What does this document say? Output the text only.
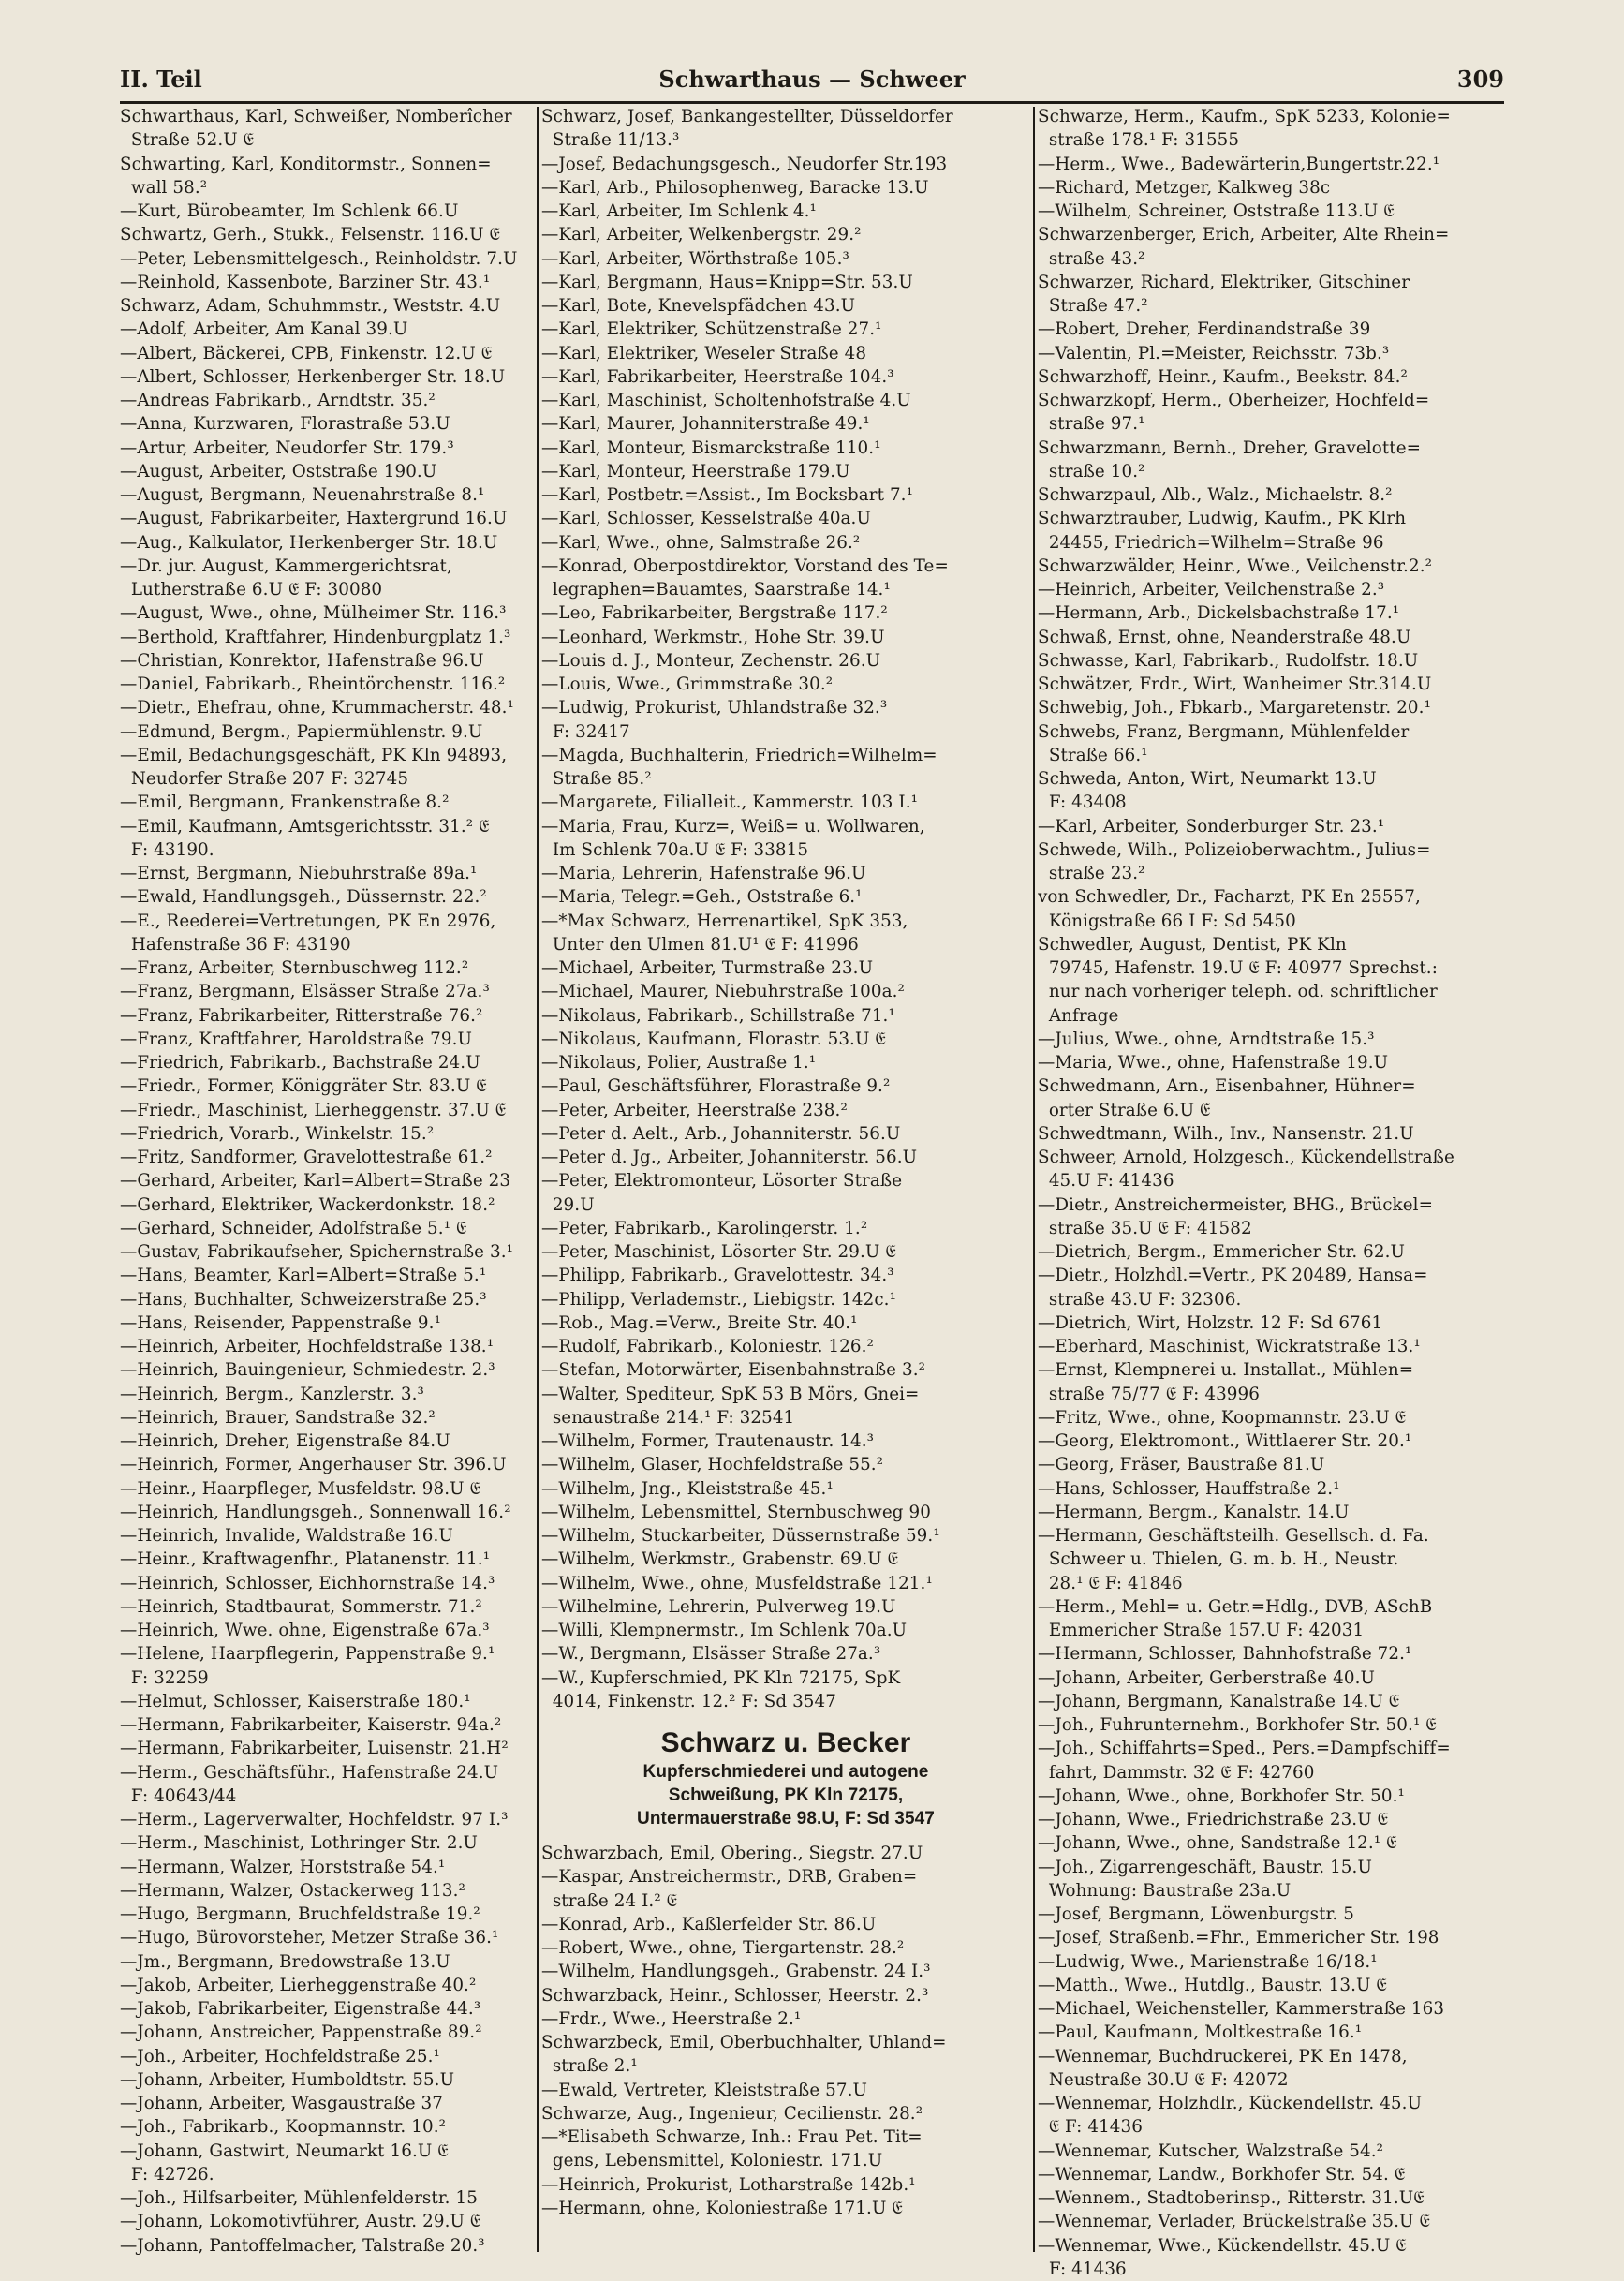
II. Teil	Schwarthaus — Schweer	309
Schwarthaus, Karl, Schweißer, Nomberîcher
Straße 52.U 𝔈
Schwarting, Karl, Konditormstr., Sonnen=
wall 58.²
—Kurt, Bürobeamter, Im Schlenk 66.U
Schwartz, Gerh., Stukk., Felsenstr. 116.U 𝔈
—Peter, Lebensmittelgesch., Reinholdstr. 7.U
—Reinhold, Kassenbote, Barziner Str. 43.¹
Schwarz, Adam, Schuhmmstr., Weststr. 4.U
—Adolf, Arbeiter, Am Kanal 39.U
—Albert, Bäckerei, CPB, Finkenstr. 12.U 𝔈
—Albert, Schlosser, Herkenberger Str. 18.U
—Andreas Fabrikarb., Arndtstr. 35.²
—Anna, Kurzwaren, Florastraße 53.U
—Artur, Arbeiter, Neudorfer Str. 179.³
—August, Arbeiter, Oststraße 190.U
—August, Bergmann, Neuenahrstraße 8.¹
—August, Fabrikarbeiter, Haxtergrund 16.U
—Aug., Kalkulator, Herkenberger Str. 18.U
—Dr. jur. August, Kammergerichtsrat,
Lutherstraße 6.U 𝔈 F: 30080
—August, Wwe., ohne, Mülheimer Str. 116.³
—Berthold, Kraftfahrer, Hindenburgplatz 1.³
—Christian, Konrektor, Hafenstraße 96.U
—Daniel, Fabrikarb., Rheintörchenstr. 116.²
—Dietr., Ehefrau, ohne, Krummacherstr. 48.¹
—Edmund, Bergm., Papiermühlenstr. 9.U
—Emil, Bedachungsgeschäft, PK Kln 94893,
Neudorfer Straße 207 F: 32745
—Emil, Bergmann, Frankenstraße 8.²
—Emil, Kaufmann, Amtsgerichtsstr. 31.² 𝔈
F: 43190.
—Ernst, Bergmann, Niebuhrstraße 89a.¹
—Ewald, Handlungsgeh., Düssernstr. 22.²
—E., Reederei=Vertretungen, PK En 2976,
Hafenstraße 36 F: 43190
—Franz, Arbeiter, Sternbuschweg 112.²
—Franz, Bergmann, Elsässer Straße 27a.³
—Franz, Fabrikarbeiter, Ritterstraße 76.²
—Franz, Kraftfahrer, Haroldstraße 79.U
—Friedrich, Fabrikarb., Bachstraße 24.U
—Friedr., Former, Königgräter Str. 83.U 𝔈
—Friedr., Maschinist, Lierheggenstr. 37.U 𝔈
—Friedrich, Vorarb., Winkelstr. 15.²
—Fritz, Sandformer, Gravelottestraße 61.²
—Gerhard, Arbeiter, Karl=Albert=Straße 23
—Gerhard, Elektriker, Wackerdonkstr. 18.²
—Gerhard, Schneider, Adolfstraße 5.¹ 𝔈
—Gustav, Fabrikaufseher, Spichernstraße 3.¹
—Hans, Beamter, Karl=Albert=Straße 5.¹
—Hans, Buchhalter, Schweizerstraße 25.³
—Hans, Reisender, Pappenstraße 9.¹
—Heinrich, Arbeiter, Hochfeldstraße 138.¹
—Heinrich, Bauingenieur, Schmiedestr. 2.³
—Heinrich, Bergm., Kanzlerstr. 3.³
—Heinrich, Brauer, Sandstraße 32.²
—Heinrich, Dreher, Eigenstraße 84.U
—Heinrich, Former, Angerhauser Str. 396.U
—Heinr., Haarpfleger, Musfeldstr. 98.U 𝔈
—Heinrich, Handlungsgeh., Sonnenwall 16.²
—Heinrich, Invalide, Waldstraße 16.U
—Heinr., Kraftwagenfhr., Platanenstr. 11.¹
—Heinrich, Schlosser, Eichhornstraße 14.³
—Heinrich, Stadtbaurat, Sommerstr. 71.²
—Heinrich, Wwe. ohne, Eigenstraße 67a.³
—Helene, Haarpflegerin, Pappenstraße 9.¹
F: 32259
—Helmut, Schlosser, Kaiserstraße 180.¹
—Hermann, Fabrikarbeiter, Kaiserstr. 94a.²
—Hermann, Fabrikarbeiter, Luisenstr. 21.H²
—Herm., Geschäftsführ., Hafenstraße 24.U
F: 40643/44
—Herm., Lagerverwalter, Hochfeldstr. 97 I.³
—Herm., Maschinist, Lothringer Str. 2.U
—Hermann, Walzer, Horststraße 54.¹
—Hermann, Walzer, Ostackerweg 113.²
—Hugo, Bergmann, Bruchfeldstraße 19.²
—Hugo, Bürovorsteher, Metzer Straße 36.¹
—Jm., Bergmann, Bredowstraße 13.U
—Jakob, Arbeiter, Lierheggenstraße 40.²
—Jakob, Fabrikarbeiter, Eigenstraße 44.³
—Johann, Anstreicher, Pappenstraße 89.²
—Joh., Arbeiter, Hochfeldstraße 25.¹
—Johann, Arbeiter, Humboldtstr. 55.U
—Johann, Arbeiter, Wasgaustraße 37
—Joh., Fabrikarb., Koopmannstr. 10.²
—Johann, Gastwirt, Neumarkt 16.U 𝔈
F: 42726.
—Joh., Hilfsarbeiter, Mühlenfelderstr. 15
—Johann, Lokomotivführer, Austr. 29.U 𝔈
—Johann, Pantoffelmacher, Talstraße 20.³
Schwarz, Josef, Bankangestellter, Düsseldorfer
Straße 11/13.³
—Josef, Bedachungsgesch., Neudorfer Str.193
—Karl, Arb., Philosophenweg, Baracke 13.U
—Karl, Arbeiter, Im Schlenk 4.¹
—Karl, Arbeiter, Welkenbergstr. 29.²
—Karl, Arbeiter, Wörthstraße 105.³
—Karl, Bergmann, Haus=Knipp=Str. 53.U
—Karl, Bote, Knevelspfädchen 43.U
—Karl, Elektriker, Schützenstraße 27.¹
—Karl, Elektriker, Weseler Straße 48
—Karl, Fabrikarbeiter, Heerstraße 104.³
—Karl, Maschinist, Scholtenhofstraße 4.U
—Karl, Maurer, Johanniterstraße 49.¹
—Karl, Monteur, Bismarckstraße 110.¹
—Karl, Monteur, Heerstraße 179.U
—Karl, Postbetr.=Assist., Im Bocksbart 7.¹
—Karl, Schlosser, Kesselstraße 40a.U
—Karl, Wwe., ohne, Salmstraße 26.²
—Konrad, Oberpostdirektor, Vorstand des Te=
legraphen=Bauamtes, Saarstraße 14.¹
—Leo, Fabrikarbeiter, Bergstraße 117.²
—Leonhard, Werkmstr., Hohe Str. 39.U
—Louis d. J., Monteur, Zechenstr. 26.U
—Louis, Wwe., Grimmstraße 30.²
—Ludwig, Prokurist, Uhlandstraße 32.³
F: 32417
—Magda, Buchhalterin, Friedrich=Wilhelm=
Straße 85.²
—Margarete, Filialleit., Kammerstr. 103 I.¹
—Maria, Frau, Kurz=, Weiß= u. Wollwaren,
Im Schlenk 70a.U 𝔈 F: 33815
—Maria, Lehrerin, Hafenstraße 96.U
—Maria, Telegr.=Geh., Oststraße 6.¹
—*Max Schwarz, Herrenartikel, SpK 353,
Unter den Ulmen 81.U¹ 𝔈 F: 41996
—Michael, Arbeiter, Turmstraße 23.U
—Michael, Maurer, Niebuhrstraße 100a.²
—Nikolaus, Fabrikarb., Schillstraße 71.¹
—Nikolaus, Kaufmann, Florastr. 53.U 𝔈
—Nikolaus, Polier, Austraße 1.¹
—Paul, Geschäftsführer, Florastraße 9.²
—Peter, Arbeiter, Heerstraße 238.²
—Peter d. Aelt., Arb., Johanniterstr. 56.U
—Peter d. Jg., Arbeiter, Johanniterstr. 56.U
—Peter, Elektromonteur, Lösorter Straße
29.U
—Peter, Fabrikarb., Karolingerstr. 1.²
—Peter, Maschinist, Lösorter Str. 29.U 𝔈
—Philipp, Fabrikarb., Gravelottestr. 34.³
—Philipp, Verlademstr., Liebigstr. 142c.¹
—Rob., Mag.=Verw., Breite Str. 40.¹
—Rudolf, Fabrikarb., Koloniestr. 126.²
—Stefan, Motorwärter, Eisenbahnstraße 3.²
—Walter, Spediteur, SpK 53 B Mörs, Gnei=
senaustraße 214.¹ F: 32541
—Wilhelm, Former, Trautenaustr. 14.³
—Wilhelm, Glaser, Hochfeldstraße 55.²
—Wilhelm, Jng., Kleiststraße 45.¹
—Wilhelm, Lebensmittel, Sternbuschweg 90
—Wilhelm, Stuckarbeiter, Düssernstraße 59.¹
—Wilhelm, Werkmstr., Grabenstr. 69.U 𝔈
—Wilhelm, Wwe., ohne, Musfeldstraße 121.¹
—Wilhelmine, Lehrerin, Pulverweg 19.U
—Willi, Klempnermstr., Im Schlenk 70a.U
—W., Bergmann, Elsässer Straße 27a.³
—W., Kupferschmied, PK Kln 72175, SpK
4014, Finkenstr. 12.² F: Sd 3547
Schwarz u. Becker
Kupferschmiederei und autogene
Schweißung, PK Kln 72175,
Untermauerstraße 98.U, F: Sd 3547
Schwarzbach, Emil, Obering., Siegstr. 27.U
—Kaspar, Anstreichermstr., DRB, Graben=
straße 24 I.² 𝔈
—Konrad, Arb., Kaßlerfelder Str. 86.U
—Robert, Wwe., ohne, Tiergartenstr. 28.²
—Wilhelm, Handlungsgeh., Grabenstr. 24 I.³
Schwarzback, Heinr., Schlosser, Heerstr. 2.³
—Frdr., Wwe., Heerstraße 2.¹
Schwarzbeck, Emil, Oberbuchhalter, Uhland=
straße 2.¹
—Ewald, Vertreter, Kleiststraße 57.U
Schwarze, Aug., Ingenieur, Cecilienstr. 28.²
—*Elisabeth Schwarze, Inh.: Frau Pet. Tit=
gens, Lebensmittel, Koloniestr. 171.U
—Heinrich, Prokurist, Lotharstraße 142b.¹
—Hermann, ohne, Koloniestraße 171.U 𝔈
Schwarze, Herm., Kaufm., SpK 5233, Kolonie=
straße 178.¹ F: 31555
—Herm., Wwe., Badewärterin,Bungertstr.22.¹
—Richard, Metzger, Kalkweg 38c
—Wilhelm, Schreiner, Oststraße 113.U 𝔈
Schwarzenberger, Erich, Arbeiter, Alte Rhein=
straße 43.²
Schwarzer, Richard, Elektriker, Gitschiner
Straße 47.²
—Robert, Dreher, Ferdinandstraße 39
—Valentin, Pl.=Meister, Reichsstr. 73b.³
Schwarzhoff, Heinr., Kaufm., Beekstr. 84.²
Schwarzkopf, Herm., Oberheizer, Hochfeld=
straße 97.¹
Schwarzmann, Bernh., Dreher, Gravelotte=
straße 10.²
Schwarzpaul, Alb., Walz., Michaelstr. 8.²
Schwarztrauber, Ludwig, Kaufm., PK Klrh
24455, Friedrich=Wilhelm=Straße 96
Schwarzwälder, Heinr., Wwe., Veilchenstr.2.²
—Heinrich, Arbeiter, Veilchenstraße 2.³
—Hermann, Arb., Dickelsbachstraße 17.¹
Schwaß, Ernst, ohne, Neanderstraße 48.U
Schwasse, Karl, Fabrikarb., Rudolfstr. 18.U
Schwätzer, Frdr., Wirt, Wanheimer Str.314.U
Schwebig, Joh., Fbkarb., Margaretenstr. 20.¹
Schwebs, Franz, Bergmann, Mühlenfelder
Straße 66.¹
Schweda, Anton, Wirt, Neumarkt 13.U
F: 43408
—Karl, Arbeiter, Sonderburger Str. 23.¹
Schwede, Wilh., Polizeioberwachtm., Julius=
straße 23.²
von Schwedler, Dr., Facharzt, PK En 25557,
Königstraße 66 I F: Sd 5450
Schwedler, August, Dentist, PK Kln
79745, Hafenstr. 19.U 𝔈 F: 40977 Sprechst.:
nur nach vorheriger teleph. od. schriftlicher
Anfrage
—Julius, Wwe., ohne, Arndtstraße 15.³
—Maria, Wwe., ohne, Hafenstraße 19.U
Schwedmann, Arn., Eisenbahner, Hühner=
orter Straße 6.U 𝔈
Schwedtmann, Wilh., Inv., Nansenstr. 21.U
Schweer, Arnold, Holzgesch., Kückendellstraße
45.U F: 41436
—Dietr., Anstreichermeister, BHG., Brückel=
straße 35.U 𝔈 F: 41582
—Dietrich, Bergm., Emmericher Str. 62.U
—Dietr., Holzhdl.=Vertr., PK 20489, Hansa=
straße 43.U F: 32306.
—Dietrich, Wirt, Holzstr. 12 F: Sd 6761
—Eberhard, Maschinist, Wickratstraße 13.¹
—Ernst, Klempnerei u. Installat., Mühlen=
straße 75/77 𝔈 F: 43996
—Fritz, Wwe., ohne, Koopmannstr. 23.U 𝔈
—Georg, Elektromont., Wittlaerer Str. 20.¹
—Georg, Fräser, Baustraße 81.U
—Hans, Schlosser, Hauffstraße 2.¹
—Hermann, Bergm., Kanalstr. 14.U
—Hermann, Geschäftsteilh. Gesellsch. d. Fa.
Schweer u. Thielen, G. m. b. H., Neustr.
28.¹ 𝔈 F: 41846
—Herm., Mehl= u. Getr.=Hdlg., DVB, ASchB
Emmericher Straße 157.U F: 42031
—Hermann, Schlosser, Bahnhofstraße 72.¹
—Johann, Arbeiter, Gerberstraße 40.U
—Johann, Bergmann, Kanalstraße 14.U 𝔈
—Joh., Fuhrunternehm., Borkhofer Str. 50.¹ 𝔈
—Joh., Schiffahrts=Sped., Pers.=Dampfschiff=
fahrt, Dammstr. 32 𝔈 F: 42760
—Johann, Wwe., ohne, Borkhofer Str. 50.¹
—Johann, Wwe., Friedrichstraße 23.U 𝔈
—Johann, Wwe., ohne, Sandstraße 12.¹ 𝔈
—Joh., Zigarrengeschäft, Baustr. 15.U
Wohnung: Baustraße 23a.U
—Josef, Bergmann, Löwenburgstr. 5
—Josef, Straßenb.=Fhr., Emmericher Str. 198
—Ludwig, Wwe., Marienstraße 16/18.¹
—Matth., Wwe., Hutdlg., Baustr. 13.U 𝔈
—Michael, Weichensteller, Kammerstraße 163
—Paul, Kaufmann, Moltkestraße 16.¹
—Wennemar, Buchdruckerei, PK En 1478,
Neustraße 30.U 𝔈 F: 42072
—Wennemar, Holzhdlr., Kückendellstr. 45.U
𝔈 F: 41436
—Wennemar, Kutscher, Walzstraße 54.²
—Wennemar, Landw., Borkhofer Str. 54. 𝔈
—Wennem., Stadtoberinsp., Ritterstr. 31.U𝔈
—Wennemar, Verlader, Brückelstraße 35.U 𝔈
—Wennemar, Wwe., Kückendellstr. 45.U 𝔈
F: 41436
